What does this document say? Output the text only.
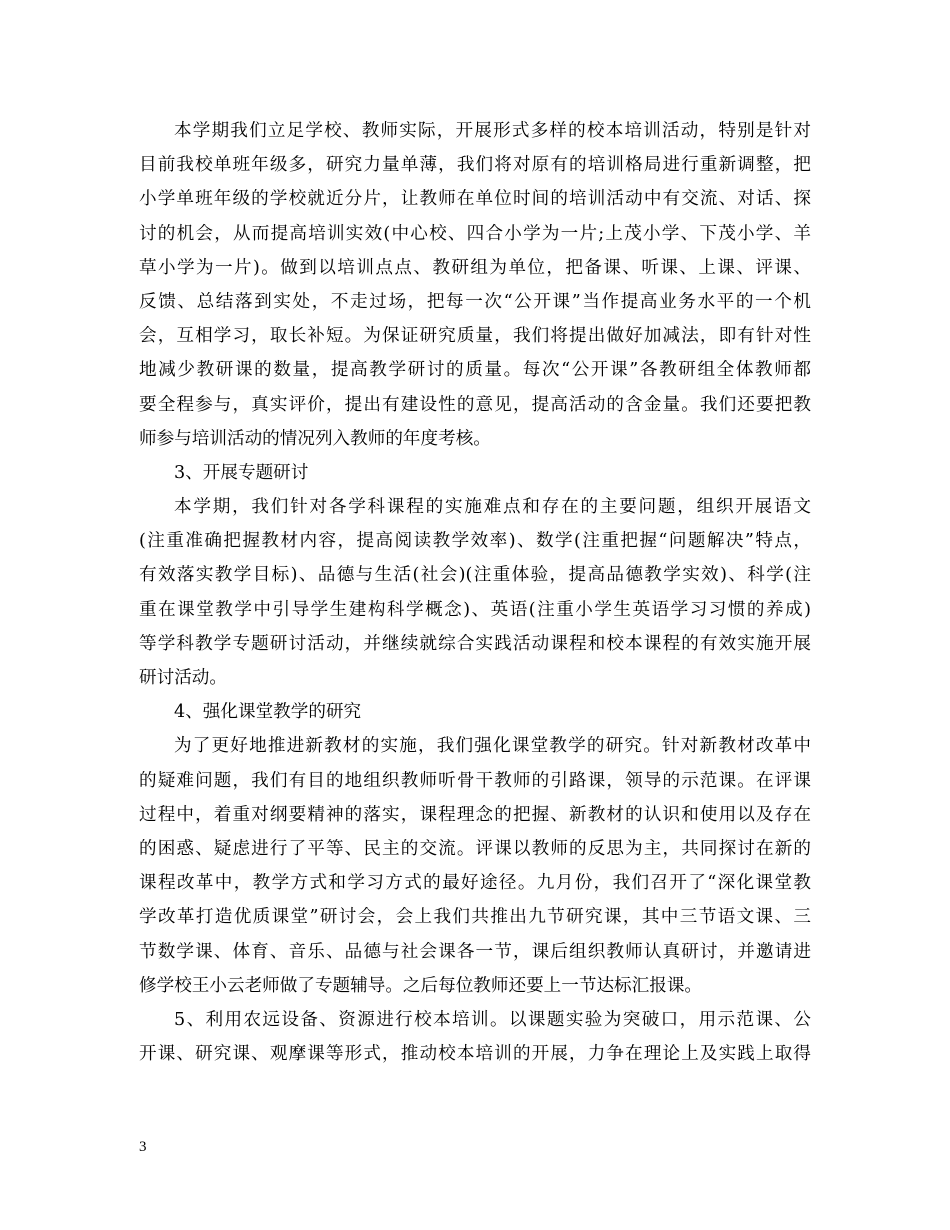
本学期我们立足学校、教师实际，开展形式多样的校本培训活动，特别是针对
目前我校单班年级多，研究力量单薄，我们将对原有的培训格局进行重新调整，把
小学单班年级的学校就近分片，让教师在单位时间的培训活动中有交流、对话、探
讨的机会，从而提高培训实效(中心校、四合小学为一片;上茂小学、下茂小学、羊
草小学为一片)。做到以培训点点、教研组为单位，把备课、听课、上课、评课、
反馈、总结落到实处，不走过场，把每一次“公开课”当作提高业务水平的一个机
会，互相学习，取长补短。为保证研究质量，我们将提出做好加减法，即有针对性
地减少教研课的数量，提高教学研讨的质量。每次“公开课”各教研组全体教师都
要全程参与，真实评价，提出有建设性的意见，提高活动的含金量。我们还要把教
师参与培训活动的情况列入教师的年度考核。
3、开展专题研讨
本学期，我们针对各学科课程的实施难点和存在的主要问题，组织开展语文
(注重准确把握教材内容，提高阅读教学效率)、数学(注重把握“问题解决”特点，
有效落实教学目标)、品德与生活(社会)(注重体验，提高品德教学实效)、科学(注
重在课堂教学中引导学生建构科学概念)、英语(注重小学生英语学习习惯的养成)
等学科教学专题研讨活动，并继续就综合实践活动课程和校本课程的有效实施开展
研讨活动。
4、强化课堂教学的研究
为了更好地推进新教材的实施，我们强化课堂教学的研究。针对新教材改革中
的疑难问题，我们有目的地组织教师听骨干教师的引路课，领导的示范课。在评课
过程中，着重对纲要精神的落实，课程理念的把握、新教材的认识和使用以及存在
的困惑、疑虑进行了平等、民主的交流。评课以教师的反思为主，共同探讨在新的
课程改革中，教学方式和学习方式的最好途径。九月份，我们召开了“深化课堂教
学改革打造优质课堂”研讨会，会上我们共推出九节研究课，其中三节语文课、三
节数学课、体育、音乐、品德与社会课各一节，课后组织教师认真研讨，并邀请进
修学校王小云老师做了专题辅导。之后每位教师还要上一节达标汇报课。
5、利用农远设备、资源进行校本培训。以课题实验为突破口，用示范课、公
开课、研究课、观摩课等形式，推动校本培训的开展，力争在理论上及实践上取得
3
